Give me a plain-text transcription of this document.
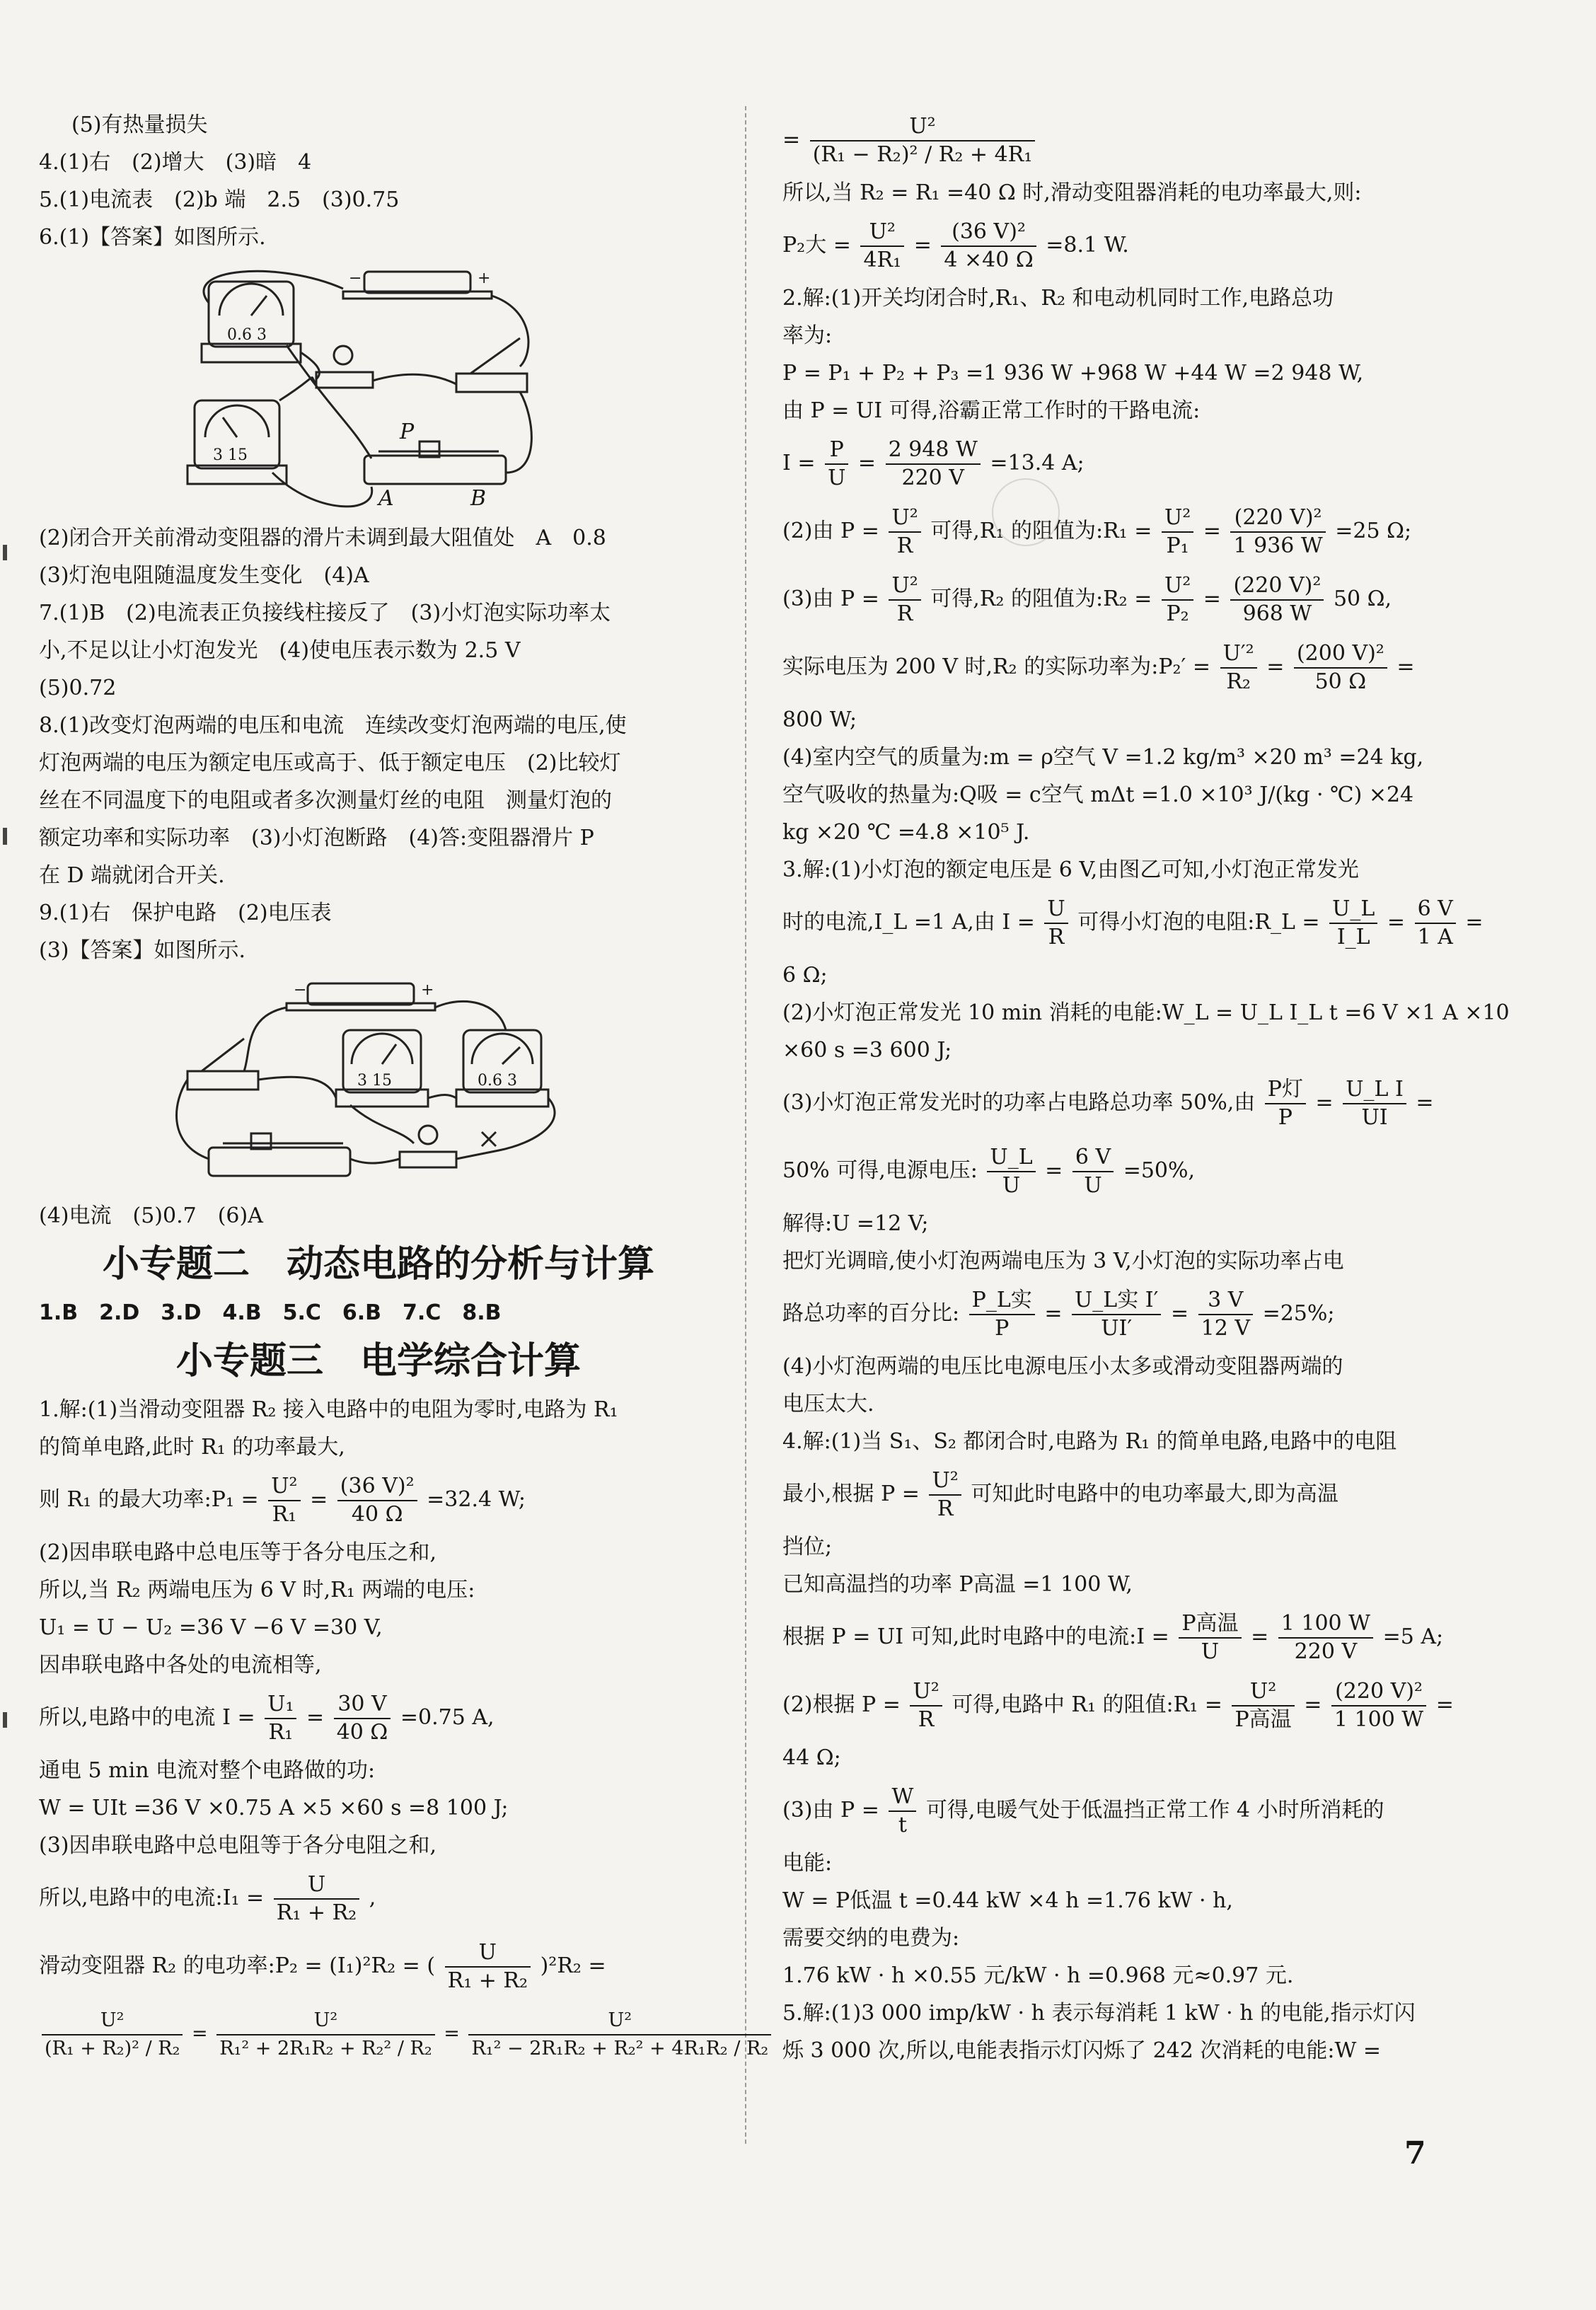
(5)有热量损失
4.(1)右　(2)增大　(3)暗　4
5.(1)电流表　(2)b 端　2.5　(3)0.75
6.(1)【答案】如图所示.
0.6 3
3 15
−	+
P
A	B
(2)闭合开关前滑动变阻器的滑片未调到最大阻值处　A　0.8
(3)灯泡电阻随温度发生变化　(4)A
7.(1)B　(2)电流表正负接线柱接反了　(3)小灯泡实际功率太
小,不足以让小灯泡发光　(4)使电压表示数为 2.5 V
(5)0.72
8.(1)改变灯泡两端的电压和电流　连续改变灯泡两端的电压,使
灯泡两端的电压为额定电压或高于、低于额定电压　(2)比较灯
丝在不同温度下的电阻或者多次测量灯丝的电阻　测量灯泡的
额定功率和实际功率　(3)小灯泡断路　(4)答:变阻器滑片 P
在 D 端就闭合开关.
9.(1)右　保护电路　(2)电压表
(3)【答案】如图所示.
3 15	0.6 3
−	+
(4)电流　(5)0.7　(6)A
小专题二　动态电路的分析与计算
1.B　2.D　3.D　4.B　5.C　6.B　7.C　8.B
小专题三　电学综合计算
1.解:(1)当滑动变阻器 R₂ 接入电路中的电阻为零时,电路为 R₁
的简单电路,此时 R₁ 的功率最大,
则 R₁ 的最大功率:P₁ = $\frac{\text{U²}}{\text{R₁}} = \frac{\text{(36 V)²}}{40 \Omega} =32.4$ W;
(2)因串联电路中总电压等于各分电压之和,
所以,当 R₂ 两端电压为 6 V 时,R₁ 两端的电压:
U₁ = U − U₂ =36 V −6 V =30 V,
因串联电路中各处的电流相等,
所以,电路中的电流 $I = \frac{\text{U₁}}{\text{R₁}} = \frac{30 V}{40 \Omega} =0.75$ A,
通电 5 min 电流对整个电路做的功:
W = UIt =36 V ×0.75 A ×5 ×60 s =8 100 J;
(3)因串联电路中总电阻等于各分电阻之和,
所以,电路中的电流:I₁ = $\frac{U}{\text{R₁ + R₂}}$ ,
滑动变阻器 R₂ 的电功率:P₂ = (I₁)²R₂ = ( $\frac{U}{\text{R₁ + R₂}} )^2R_2$ =
$\frac{\text{U²}}{\text{(R₁ + R₂)² / R₂}} = \frac{\text{U²}}{\text{R₁² + 2R₁R₂ + R₂² / R₂}} = \frac{\text{U²}}{\text{R₁² − 2R₁R₂ + R₂² + 4R₁R₂ / R₂}}$
= $\frac{\text{U²}}{\text{(R₁ − R₂)² / R₂ + 4R₁}}$
所以,当 R₂ = R₁ =40 Ω 时,滑动变阻器消耗的电功率最大,则:
P₂大 = $\frac{\text{U²}}{\text{4R₁}} = \frac{\text{(36 V)²}}{4 \times 40 \Omega} =8.1$ W.
2.解:(1)开关均闭合时,R₁、R₂ 和电动机同时工作,电路总功
率为:
P = P₁ + P₂ + P₃ =1 936 W +968 W +44 W =2 948 W,
由 P = UI 可得,浴霸正常工作时的干路电流:
$I = \frac{P}{U} = \frac{2 948 W}{220 V} =13.4$ A;
(2)由 $P = \frac{\text{U²}}{R}$ 可得,R₁ 的阻值为:R₁ = $\frac{\text{U²}}{\text{P₁}} = \frac{\text{(220 V)²}}{1 936 W} =25$ Ω;
(3)由 $P = \frac{\text{U²}}{R}$ 可得,R₂ 的阻值为:R₂ = $\frac{\text{U²}}{\text{P₂}} = \frac{\text{(220 V)²}}{968 W} 50$ Ω,
实际电压为 200 V 时,R₂ 的实际功率为:P₂′ = $\frac{\text{U′²}}{\text{R₂}} = \frac{\text{(200 V)²}}{50 \Omega}$ =
800 W;
(4)室内空气的质量为:m = ρ空气 V =1.2 kg/m³ ×20 m³ =24 kg,
空气吸收的热量为:Q吸 = c空气 mΔt =1.0 ×10³ J/(kg · ℃) ×24
kg ×20 ℃ =4.8 ×10⁵ J.
3.解:(1)小灯泡的额定电压是 6 V,由图乙可知,小灯泡正常发光
时的电流,I_L =1 A,由 $I = \frac{U}{R}$ 可得小灯泡的电阻:R_L = $\frac{U\_L}{I\_L} = \frac{6 V}{1 A}$ =
6 Ω;
(2)小灯泡正常发光 10 min 消耗的电能:W_L = U_L I_L t =6 V ×1 A ×10
×60 s =3 600 J;
(3)小灯泡正常发光时的功率占电路总功率 50%,由 $\frac{\text{P灯}}{P} = \frac{\text{U\_L I}}{UI}$ =
50% 可得,电源电压: $\frac{U\_L}{U} = \frac{6 V}{U} =50\%$,
解得:U =12 V;
把灯光调暗,使小灯泡两端电压为 3 V,小灯泡的实际功率占电
路总功率的百分比: $\frac{\text{P\_L实}}{P} = \frac{\text{U\_L实 I′}}{UI'} = \frac{3 V}{12 V} =25\%$;
(4)小灯泡两端的电压比电源电压小太多或滑动变阻器两端的
电压太大.
4.解:(1)当 S₁、S₂ 都闭合时,电路为 R₁ 的简单电路,电路中的电阻
最小,根据 $P = \frac{\text{U²}}{R}$ 可知此时电路中的电功率最大,即为高温
挡位;
已知高温挡的功率 P高温 =1 100 W,
根据 P = UI 可知,此时电路中的电流:I = $\frac{\text{P高温}}{U} = \frac{1 100 W}{220 V} =5$ A;
(2)根据 $P = \frac{\text{U²}}{R}$ 可得,电路中 R₁ 的阻值:R₁ = $\frac{\text{U²}}{\text{P高温}} = \frac{\text{(220 V)²}}{1 100 W}$ =
44 Ω;
(3)由 $P = \frac{W}{t}$ 可得,电暖气处于低温挡正常工作 4 小时所消耗的
电能:
W = P低温 t =0.44 kW ×4 h =1.76 kW · h,
需要交纳的电费为:
1.76 kW · h ×0.55 元/kW · h =0.968 元≈0.97 元.
5.解:(1)3 000 imp/kW · h 表示每消耗 1 kW · h 的电能,指示灯闪
烁 3 000 次,所以,电能表指示灯闪烁了 242 次消耗的电能:W =
7
